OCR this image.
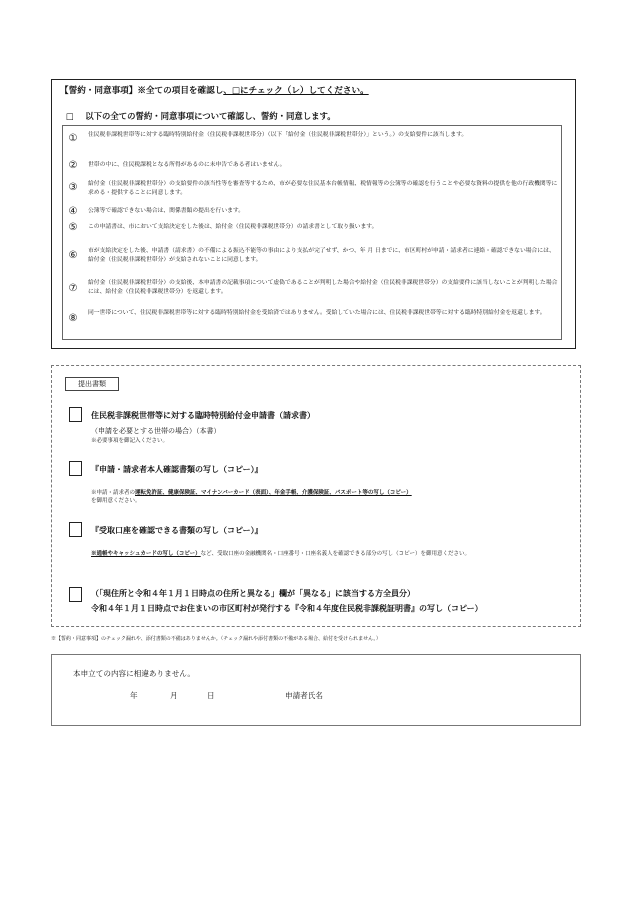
【誓約・同意事項】※全ての項目を確認し、□にチェック（レ）してください。
□　 以下の全ての誓約・同意事項について確認し、誓約・同意します。
①	住民税非課税世帯等に対する臨時特別給付金（住民税非課税世帯分）（以下「給付金（住民税非課税世帯分）」という。）の支給要件に該当します。
②	世帯の中に、住民税課税となる所得があるのに未申告である者はいません。
③	給付金（住民税非課税世帯分）の支給要件の該当性等を審査等するため、市が必要な住民基本台帳情報、税情報等の公簿等の確認を行うことや必要な資料の提供を他の行政機関等に求める・提供することに同意します。
④	公簿等で確認できない場合は、関係書類の提出を行います。
⑤	この申請書は、市において支給決定をした後は、給付金（住民税非課税世帯分）の請求書として取り扱います。
⑥	市が支給決定をした後、申請書（請求書）の不備による振込不能等の事由により支払が完了せず、かつ、年 月 日までに、市区町村が申請・請求者に連絡・確認できない場合には、給付金（住民税非課税世帯分）が支給されないことに同意します。
⑦	給付金（住民税非課税世帯分）の支給後、本申請書の記載事項について虚偽であることが判明した場合や給付金（住民税非課税世帯分）の支給要件に該当しないことが判明した場合には、給付金（住民税非課税世帯分）を返還します。
⑧	同一世帯について、住民税非課税世帯等に対する臨時特別給付金を受給済ではありません。受給していた場合には、住民税非課税世帯等に対する臨時特別給付金を返還します。
提出書類
住民税非課税世帯等に対する臨時特別給付金申請書（請求書）
（申請を必要とする世帯の場合）（本書）
※必要事項を御記入ください。
『申請・請求者本人確認書類の写し（コピー）』
※申請・請求者の運転免許証、健康保険証、マイナンバーカード（表面）、年金手帳、介護保険証、パスポート等の写し（コピー）
を御用意ください。
『受取口座を確認できる書類の写し（コピー）』
※通帳やキャッシュカードの写し（コピー）など、受取口座の金融機関名・口座番号・口座名義人を確認できる部分の写し（コピー）を御用意ください。
（「現住所と令和４年１月１日時点の住所と異なる」欄が「異なる」に該当する方全員分）
令和４年１月１日時点でお住まいの市区町村が発行する『令和４年度住民税非課税証明書』の写し（コピー）
※【誓約・同意事項】のチェック漏れや、添付書類の不備はありませんか。（チェック漏れや添付書類の不備がある場合、給付を受けられません。）
本申立ての内容に相違ありません。
年	月	日	申請者氏名
